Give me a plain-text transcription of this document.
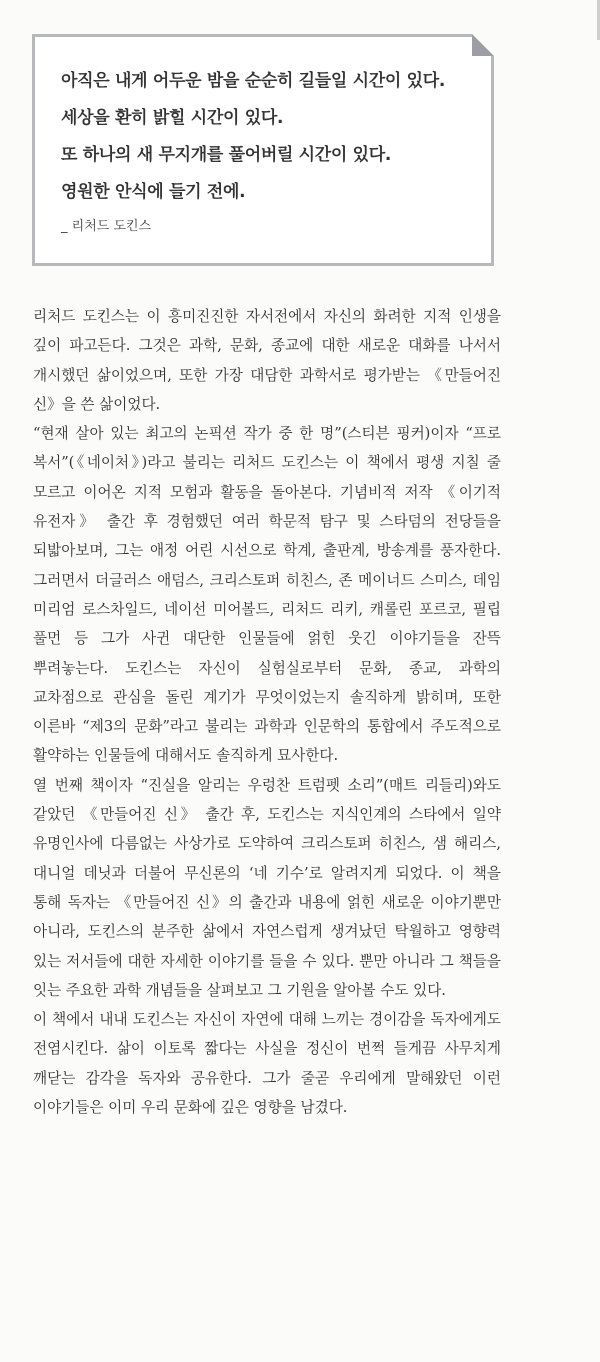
아직은 내게 어두운 밤을 순순히 길들일 시간이 있다.
세상을 환히 밝힐 시간이 있다.
또 하나의 새 무지개를 풀어버릴 시간이 있다.
영원한 안식에 들기 전에.
_ 리처드 도킨스

리처드 도킨스는 이 흥미진진한 자서전에서 자신의 화려한 지적 인생을 깊이 파고든다. 그것은 과학, 문화, 종교에 대한 새로운 대화를 나서서 개시했던 삶이었으며, 또한 가장 대담한 과학서로 평가받는 《만들어진 신》을 쓴 삶이었다.

“현재 살아 있는 최고의 논픽션 작가 중 한 명”(스티븐 핑커)이자 “프로 복서”(《네이처》)라고 불리는 리처드 도킨스는 이 책에서 평생 지칠 줄 모르고 이어온 지적 모험과 활동을 돌아본다. 기념비적 저작 《이기적 유전자》 출간 후 경험했던 여러 학문적 탐구 및 스타덤의 전당들을 되밟아보며, 그는 애정 어린 시선으로 학계, 출판계, 방송계를 풍자한다. 그러면서 더글러스 애덤스, 크리스토퍼 히친스, 존 메이너드 스미스, 데임 미리엄 로스차일드, 네이선 미어볼드, 리처드 리키, 캐롤린 포르코, 필립 풀먼 등 그가 사귄 대단한 인물들에 얽힌 웃긴 이야기들을 잔뜩 뿌려놓는다. 도킨스는 자신이 실험실로부터 문화, 종교, 과학의 교차점으로 관심을 돌린 계기가 무엇이었는지 솔직하게 밝히며, 또한 이른바 “제3의 문화”라고 불리는 과학과 인문학의 통합에서 주도적으로 활약하는 인물들에 대해서도 솔직하게 묘사한다.

열 번째 책이자 “진실을 알리는 우렁찬 트럼펫 소리”(매트 리들리)와도 같았던 《만들어진 신》 출간 후, 도킨스는 지식인계의 스타에서 일약 유명인사에 다름없는 사상가로 도약하여 크리스토퍼 히친스, 샘 해리스, 대니얼 데닛과 더불어 무신론의 ‘네 기수’로 알려지게 되었다. 이 책을 통해 독자는 《만들어진 신》의 출간과 내용에 얽힌 새로운 이야기뿐만 아니라, 도킨스의 분주한 삶에서 자연스럽게 생겨났던 탁월하고 영향력 있는 저서들에 대한 자세한 이야기를 들을 수 있다. 뿐만 아니라 그 책들을 잇는 주요한 과학 개념들을 살펴보고 그 기원을 알아볼 수도 있다.

이 책에서 내내 도킨스는 자신이 자연에 대해 느끼는 경이감을 독자에게도 전염시킨다. 삶이 이토록 짧다는 사실을 정신이 번쩍 들게끔 사무치게 깨닫는 감각을 독자와 공유한다. 그가 줄곧 우리에게 말해왔던 이런 이야기들은 이미 우리 문화에 깊은 영향을 남겼다.
